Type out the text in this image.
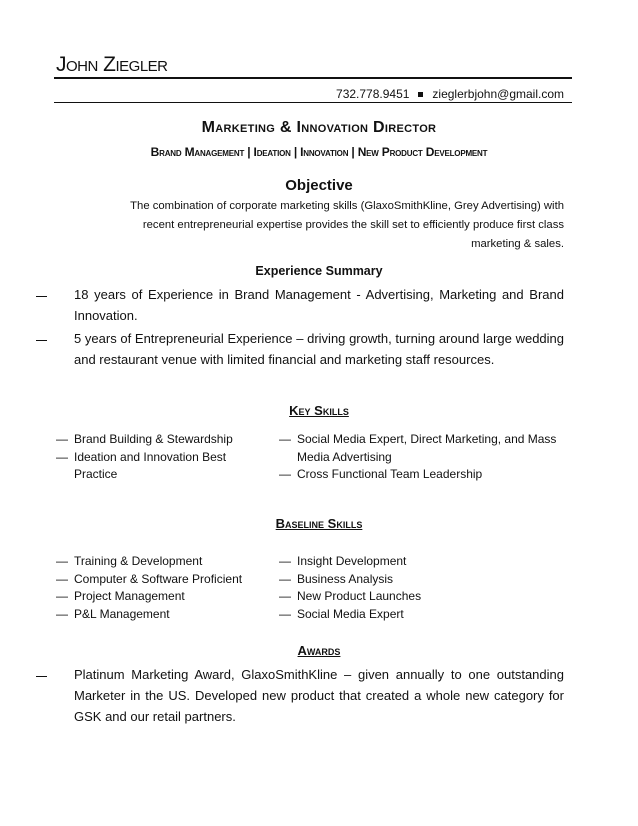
John Ziegler
732.778.9451 zieglerbjohn@gmail.com
Marketing & Innovation Director
Brand Management | Ideation | Innovation | New Product Development
Objective
The combination of corporate marketing skills (GlaxoSmithKline, Grey Advertising) with
recent entrepreneurial expertise provides the skill set to efficiently produce first class
marketing & sales.
Experience Summary
18 years of Experience in Brand Management - Advertising, Marketing and Brand Innovation.
5 years of Entrepreneurial Experience – driving growth, turning around large wedding and restaurant venue with limited financial and marketing staff resources.
Key Skills
—
Brand Building & Stewardship
—
Ideation and Innovation Best Practice
—
Social Media Expert, Direct Marketing, and Mass Media Advertising
—
Cross Functional Team Leadership
Baseline Skills
—
Training & Development
—
Computer & Software Proficient
—
Project Management
—
P&L Management
—
Insight Development
—
Business Analysis
—
New Product Launches
—
Social Media Expert
Awards
Platinum Marketing Award, GlaxoSmithKline – given annually to one outstanding Marketer in the US. Developed new product that created a whole new category for GSK and our retail partners.
